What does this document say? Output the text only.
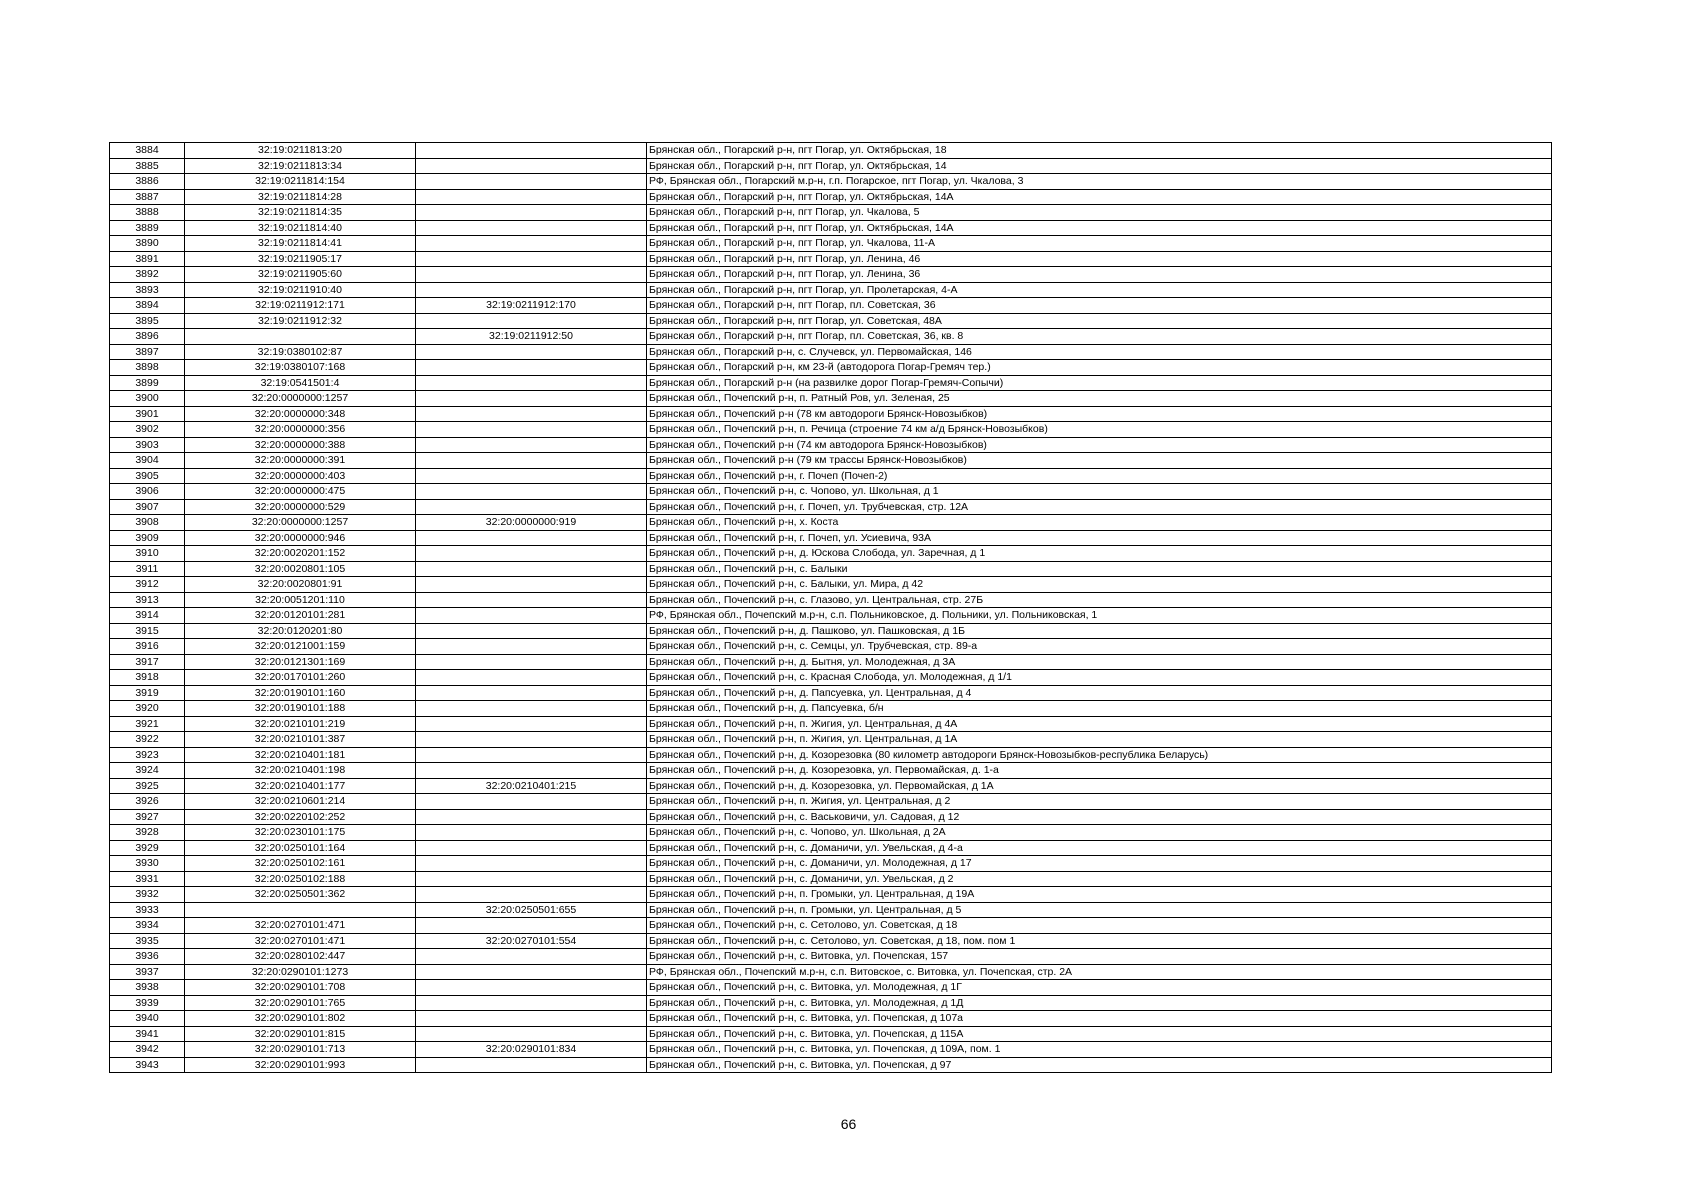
3884	32:19:0211813:20		Брянская обл., Погарский р-н, пгт Погар, ул. Октябрьская, 18
3885	32:19:0211813:34		Брянская обл., Погарский р-н, пгт Погар, ул. Октябрьская, 14
3886	32:19:0211814:154		РФ, Брянская обл., Погарский м.р-н, г.п. Погарское, пгт Погар, ул. Чкалова, 3
3887	32:19:0211814:28		Брянская обл., Погарский р-н, пгт Погар, ул. Октябрьская, 14А
3888	32:19:0211814:35		Брянская обл., Погарский р-н, пгт Погар, ул. Чкалова, 5
3889	32:19:0211814:40		Брянская обл., Погарский р-н, пгт Погар, ул. Октябрьская, 14А
3890	32:19:0211814:41		Брянская обл., Погарский р-н, пгт Погар, ул. Чкалова, 11-А
3891	32:19:0211905:17		Брянская обл., Погарский р-н, пгт Погар, ул. Ленина, 46
3892	32:19:0211905:60		Брянская обл., Погарский р-н, пгт Погар, ул. Ленина, 36
3893	32:19:0211910:40		Брянская обл., Погарский р-н, пгт Погар, ул. Пролетарская, 4-А
3894	32:19:0211912:171	32:19:0211912:170	Брянская обл., Погарский р-н, пгт Погар, пл. Советская, 36
3895	32:19:0211912:32		Брянская обл., Погарский р-н, пгт Погар, ул. Советская, 48А
3896		32:19:0211912:50	Брянская обл., Погарский р-н, пгт Погар, пл. Советская, 36, кв. 8
3897	32:19:0380102:87		Брянская обл., Погарский р-н, с. Случевск, ул. Первомайская, 146
3898	32:19:0380107:168		Брянская обл., Погарский р-н, км 23-й (автодорога Погар-Гремяч тер.)
3899	32:19:0541501:4		Брянская обл., Погарский р-н (на развилке дорог Погар-Гремяч-Сопычи)
3900	32:20:0000000:1257		Брянская обл., Почепский р-н, п. Ратный Ров, ул. Зеленая, 25
3901	32:20:0000000:348		Брянская обл., Почепский р-н (78 км автодороги Брянск-Новозыбков)
3902	32:20:0000000:356		Брянская обл., Почепский р-н, п. Речица (строение 74 км а/д Брянск-Новозыбков)
3903	32:20:0000000:388		Брянская обл., Почепский р-н (74 км автодорога Брянск-Новозыбков)
3904	32:20:0000000:391		Брянская обл., Почепский р-н (79 км трассы Брянск-Новозыбков)
3905	32:20:0000000:403		Брянская обл., Почепский р-н, г. Почеп (Почеп-2)
3906	32:20:0000000:475		Брянская обл., Почепский р-н, с. Чопово, ул. Школьная, д 1
3907	32:20:0000000:529		Брянская обл., Почепский р-н, г. Почеп, ул. Трубчевская, стр. 12А
3908	32:20:0000000:1257	32:20:0000000:919	Брянская обл., Почепский р-н, х. Коста
3909	32:20:0000000:946		Брянская обл., Почепский р-н, г. Почеп, ул. Усиевича, 93А
3910	32:20:0020201:152		Брянская обл., Почепский р-н, д. Юскова Слобода, ул. Заречная, д 1
3911	32:20:0020801:105		Брянская обл., Почепский р-н, с. Балыки
3912	32:20:0020801:91		Брянская обл., Почепский р-н, с. Балыки, ул. Мира, д 42
3913	32:20:0051201:110		Брянская обл., Почепский р-н, с. Глазово, ул. Центральная, стр. 27Б
3914	32:20:0120101:281		РФ, Брянская обл., Почепский м.р-н, с.п. Польниковское, д. Польники, ул. Польниковская, 1
3915	32:20:0120201:80		Брянская обл., Почепский р-н, д. Пашково, ул. Пашковская, д 1Б
3916	32:20:0121001:159		Брянская обл., Почепский р-н, с. Семцы, ул. Трубчевская, стр. 89-а
3917	32:20:0121301:169		Брянская обл., Почепский р-н, д. Бытня, ул. Молодежная, д 3А
3918	32:20:0170101:260		Брянская обл., Почепский р-н, с. Красная Слобода, ул. Молодежная, д 1/1
3919	32:20:0190101:160		Брянская обл., Почепский р-н, д. Папсуевка, ул. Центральная, д 4
3920	32:20:0190101:188		Брянская обл., Почепский р-н, д. Папсуевка, б/н
3921	32:20:0210101:219		Брянская обл., Почепский р-н, п. Жигия, ул. Центральная, д 4А
3922	32:20:0210101:387		Брянская обл., Почепский р-н, п. Жигия, ул. Центральная, д 1А
3923	32:20:0210401:181		Брянская обл., Почепский р-н, д. Козорезовка (80 километр автодороги Брянск-Новозыбков-республика Беларусь)
3924	32:20:0210401:198		Брянская обл., Почепский р-н, д. Козорезовка, ул. Первомайская, д. 1-а
3925	32:20:0210401:177	32:20:0210401:215	Брянская обл., Почепский р-н, д. Козорезовка, ул. Первомайская, д 1А
3926	32:20:0210601:214		Брянская обл., Почепский р-н, п. Жигия, ул. Центральная, д 2
3927	32:20:0220102:252		Брянская обл., Почепский р-н, с. Васьковичи, ул. Садовая, д 12
3928	32:20:0230101:175		Брянская обл., Почепский р-н, с. Чопово, ул. Школьная, д 2А
3929	32:20:0250101:164		Брянская обл., Почепский р-н, с. Доманичи, ул. Увельская, д 4-а
3930	32:20:0250102:161		Брянская обл., Почепский р-н, с. Доманичи, ул. Молодежная, д 17
3931	32:20:0250102:188		Брянская обл., Почепский р-н, с. Доманичи, ул. Увельская, д 2
3932	32:20:0250501:362		Брянская обл., Почепский р-н, п. Громыки, ул. Центральная, д 19А
3933		32:20:0250501:655	Брянская обл., Почепский р-н, п. Громыки, ул. Центральная, д 5
3934	32:20:0270101:471		Брянская обл., Почепский р-н, с. Сетолово, ул. Советская, д 18
3935	32:20:0270101:471	32:20:0270101:554	Брянская обл., Почепский р-н, с. Сетолово, ул. Советская, д 18, пом. пом 1
3936	32:20:0280102:447		Брянская обл., Почепский р-н, с. Витовка, ул. Почепская, 157
3937	32:20:0290101:1273		РФ, Брянская обл., Почепский м.р-н, с.п. Витовское, с. Витовка, ул. Почепская, стр. 2А
3938	32:20:0290101:708		Брянская обл., Почепский р-н, с. Витовка, ул. Молодежная, д 1Г
3939	32:20:0290101:765		Брянская обл., Почепский р-н, с. Витовка, ул. Молодежная, д 1Д
3940	32:20:0290101:802		Брянская обл., Почепский р-н, с. Витовка, ул. Почепская, д 107а
3941	32:20:0290101:815		Брянская обл., Почепский р-н, с. Витовка, ул. Почепская, д 115А
3942	32:20:0290101:713	32:20:0290101:834	Брянская обл., Почепский р-н, с. Витовка, ул. Почепская, д 109А, пом. 1
3943	32:20:0290101:993		Брянская обл., Почепский р-н, с. Витовка, ул. Почепская, д 97
66
